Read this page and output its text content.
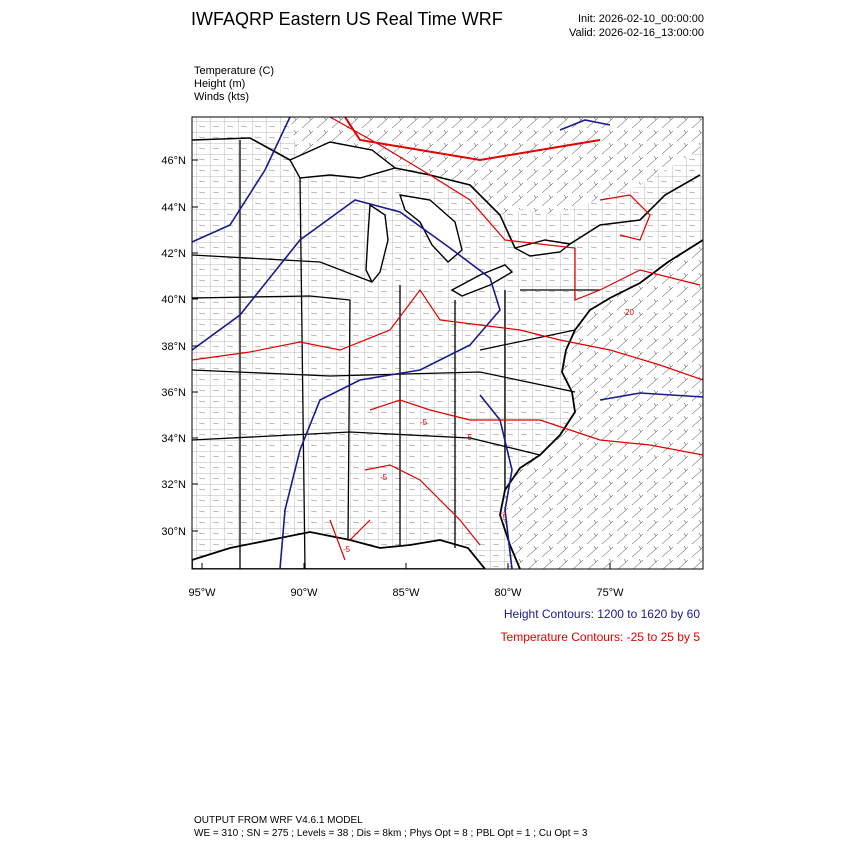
IWFAQRP Eastern US Real Time WRF	Init: 2026-02-10_00:00:00
Valid: 2026-02-16_13:00:00
Temperature (C)
Height (m)
Winds (kts)
46°N
44°N
42°N
40°N
38°N
36°N
34°N
32°N
30°N
95°W	90°W	85°W	80°W	75°W
20
-5
-5
-5
-5
-5
Height Contours: 1200 to 1620 by 60
Temperature Contours: -25 to 25 by 5
OUTPUT FROM WRF V4.6.1 MODEL
WE = 310 ; SN = 275 ; Levels = 38 ; Dis = 8km ; Phys Opt = 8 ; PBL Opt = 1 ; Cu Opt = 3
